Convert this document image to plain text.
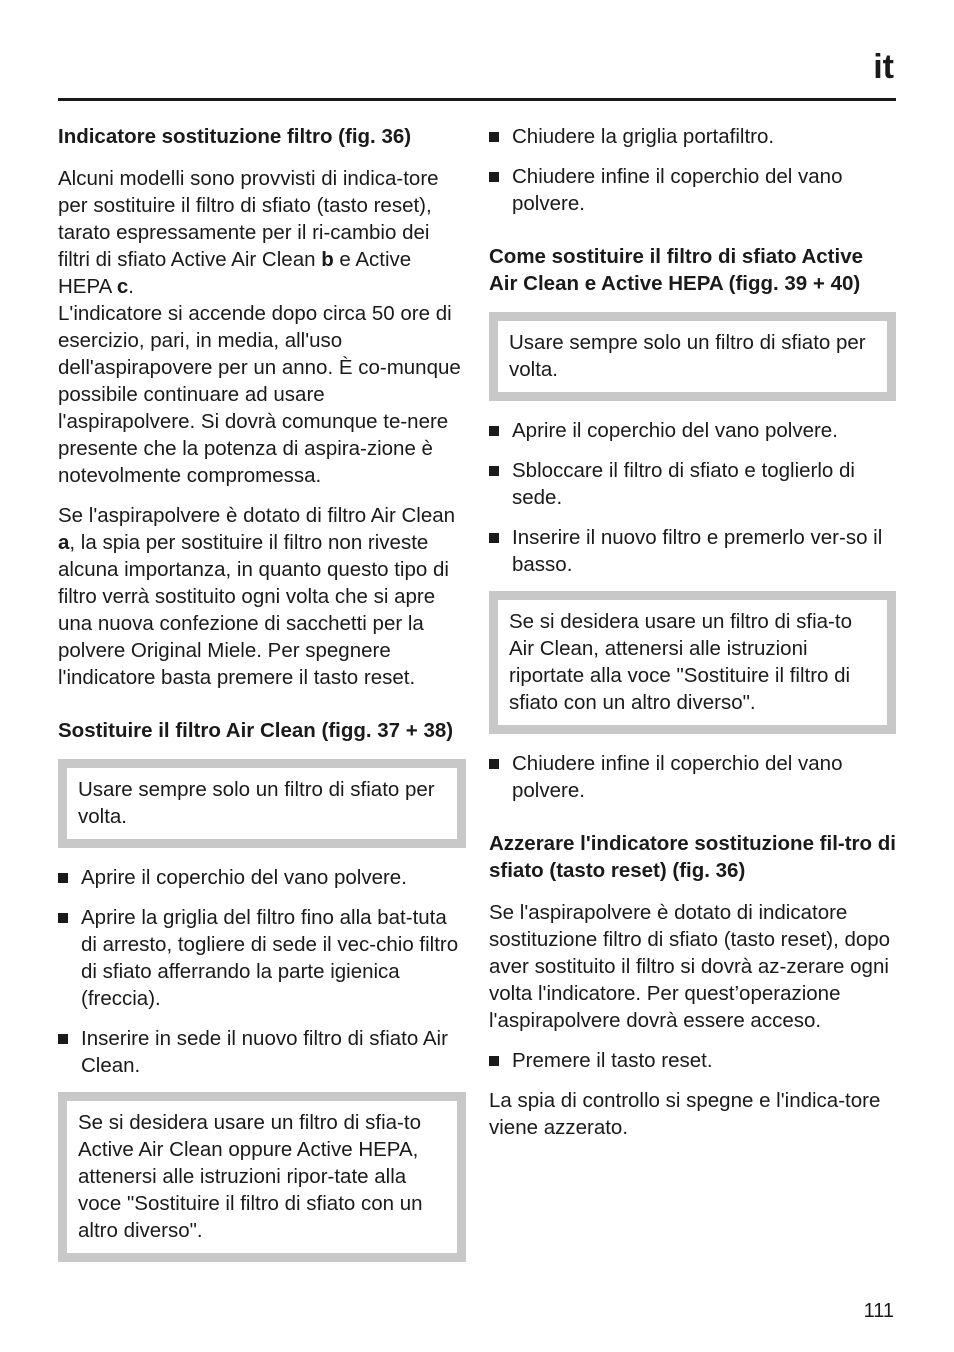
it
Indicatore sostituzione filtro (fig. 36)
Alcuni modelli sono provvisti di indica-tore per sostituire il filtro di sfiato (tasto reset), tarato espressamente per il ri-cambio dei filtri di sfiato Active Air Clean b e Active HEPA c.
L'indicatore si accende dopo circa 50 ore di esercizio, pari, in media, all'uso dell'aspirapovere per un anno. È co-munque possibile continuare ad usare l'aspirapolvere. Si dovrà comunque te-nere presente che la potenza di aspira-zione è notevolmente compromessa.
Se l'aspirapolvere è dotato di filtro Air Clean a, la spia per sostituire il filtro non riveste alcuna importanza, in quanto questo tipo di filtro verrà sostituito ogni volta che si apre una nuova confezione di sacchetti per la polvere Original Miele. Per spegnere l'indicatore basta premere il tasto reset.
Sostituire il filtro Air Clean (figg. 37 + 38)
Usare sempre solo un filtro di sfiato per volta.
Aprire il coperchio del vano polvere.
Aprire la griglia del filtro fino alla bat-tuta di arresto, togliere di sede il vec-chio filtro di sfiato afferrando la parte igienica (freccia).
Inserire in sede il nuovo filtro di sfiato Air Clean.
Se si desidera usare un filtro di sfia-to Active Air Clean oppure Active HEPA, attenersi alle istruzioni ripor-tate alla voce "Sostituire il filtro di sfiato con un altro diverso".
Chiudere la griglia portafiltro.
Chiudere infine il coperchio del vano polvere.
Come sostituire il filtro di sfiato Active Air Clean e Active HEPA (figg. 39 + 40)
Usare sempre solo un filtro di sfiato per volta.
Aprire il coperchio del vano polvere.
Sbloccare il filtro di sfiato e toglierlo di sede.
Inserire il nuovo filtro e premerlo ver-so il basso.
Se si desidera usare un filtro di sfia-to Air Clean, attenersi alle istruzioni riportate alla voce "Sostituire il filtro di sfiato con un altro diverso".
Chiudere infine il coperchio del vano polvere.
Azzerare l'indicatore sostituzione fil-tro di sfiato (tasto reset) (fig. 36)
Se l'aspirapolvere è dotato di indicatore sostituzione filtro di sfiato (tasto reset), dopo aver sostituito il filtro si dovrà az-zerare ogni volta l'indicatore. Per quest’operazione l'aspirapolvere dovrà essere acceso.
Premere il tasto reset.
La spia di controllo si spegne e l'indica-tore viene azzerato.
111
